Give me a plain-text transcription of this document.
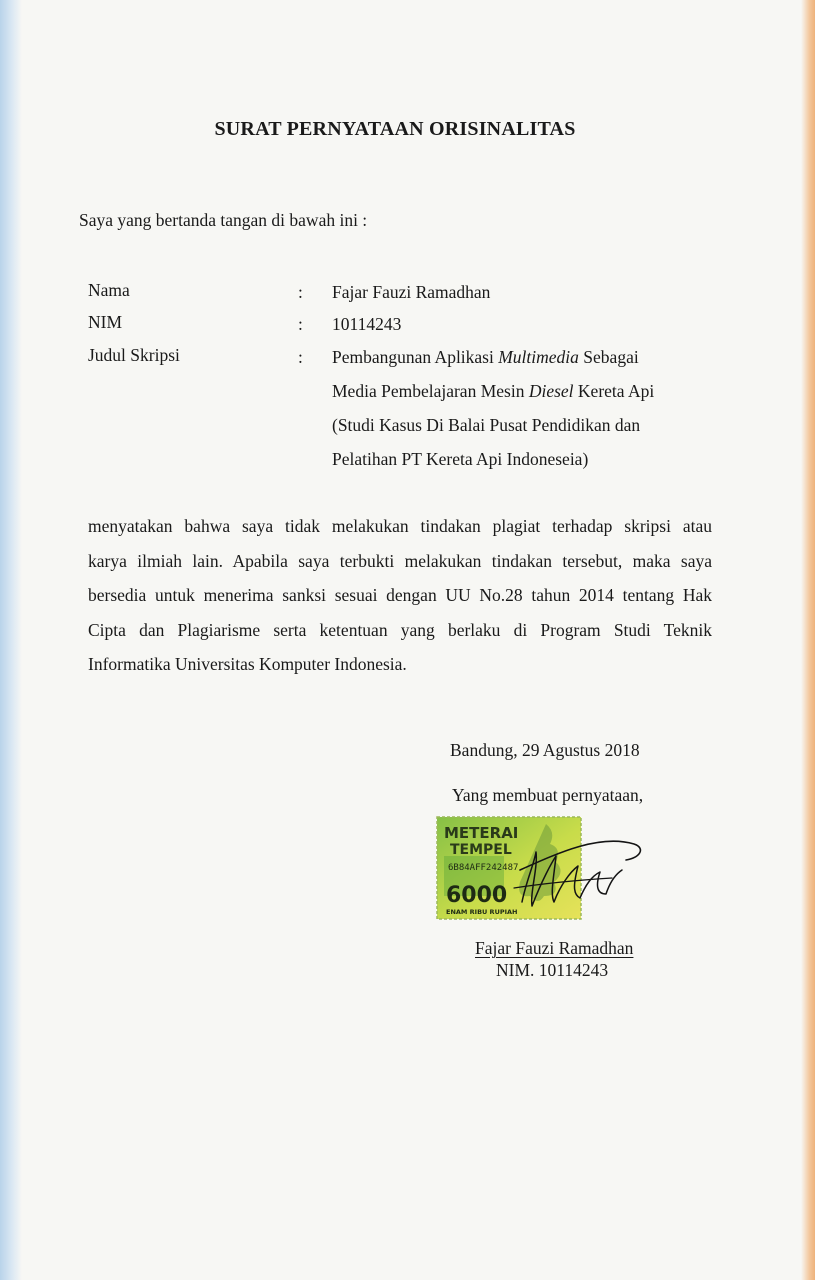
SURAT PERNYATAAN ORISINALITAS
Saya yang bertanda tangan di bawah ini :
Nama	: Fajar Fauzi Ramadhan
NIM	: 10114243
Judul Skripsi	: Pembangunan Aplikasi Multimedia Sebagai
Media Pembelajaran Mesin Diesel Kereta Api
(Studi Kasus Di Balai Pusat Pendidikan dan
Pelatihan PT Kereta Api Indoneseia)
menyatakan bahwa saya tidak melakukan tindakan plagiat terhadap skripsi atau
karya ilmiah lain. Apabila saya terbukti melakukan tindakan tersebut, maka saya
bersedia untuk menerima sanksi sesuai dengan UU No.28 tahun 2014 tentang Hak
Cipta dan Plagiarisme serta ketentuan yang berlaku di Program Studi Teknik
Informatika Universitas Komputer Indonesia.
Bandung, 29 Agustus 2018
Yang membuat pernyataan,
METERAI
TEMPEL
6B84AFF242487
6000
ENAM RIBU RUPIAH
Fajar Fauzi Ramadhan
NIM. 10114243
